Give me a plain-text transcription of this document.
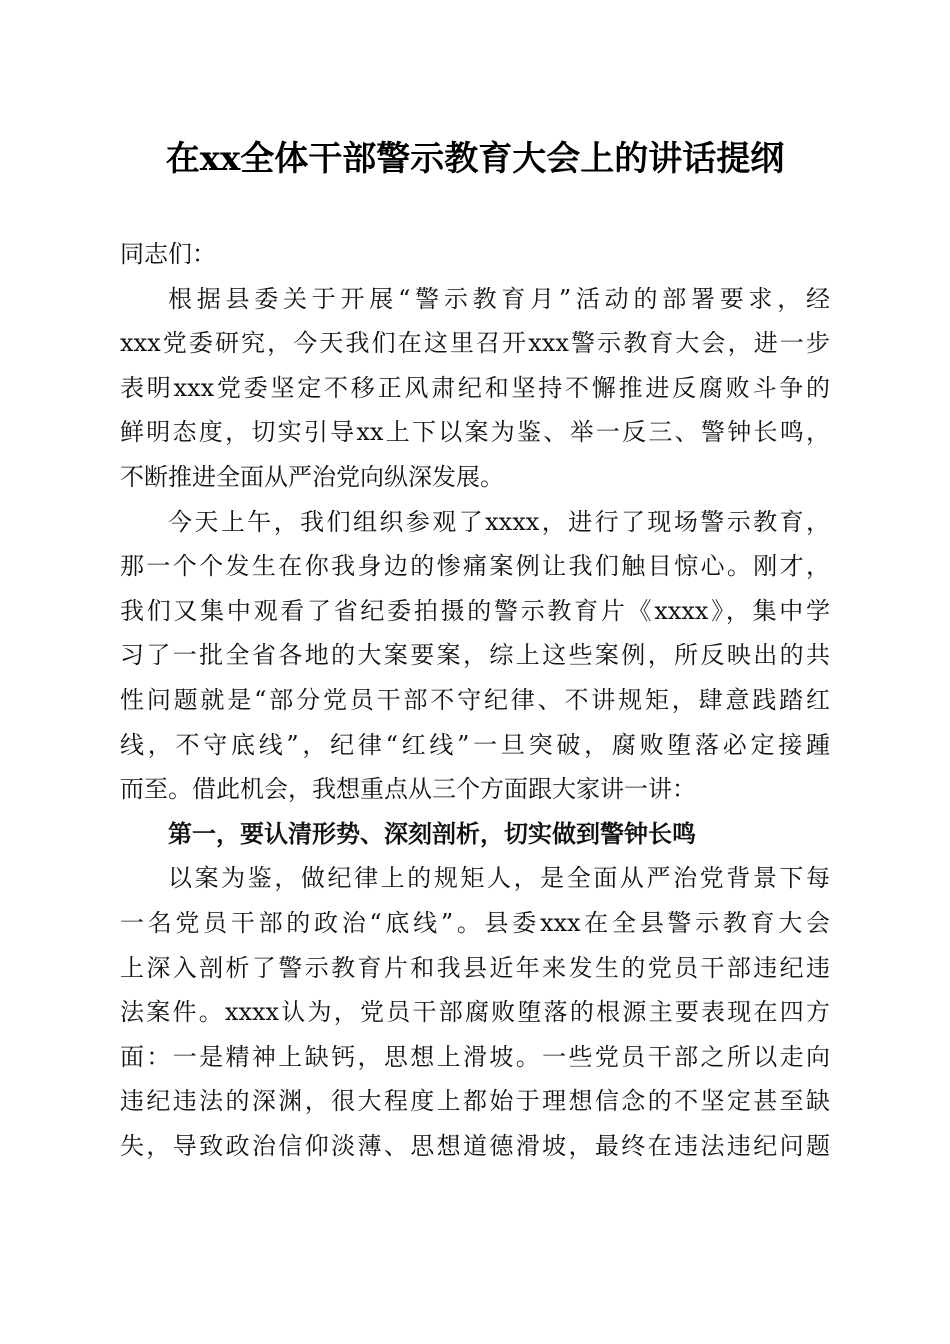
在xx全体干部警示教育大会上的讲话提纲
同志们：
根据县委关于开展“警示教育月”活动的部署要求，经
xxx党委研究，今天我们在这里召开xxx警示教育大会，进一步
表明xxx党委坚定不移正风肃纪和坚持不懈推进反腐败斗争的
鲜明态度，切实引导xx上下以案为鉴、举一反三、警钟长鸣，
不断推进全面从严治党向纵深发展。
今天上午，我们组织参观了xxxx，进行了现场警示教育，
那一个个发生在你我身边的惨痛案例让我们触目惊心。刚才，
我们又集中观看了省纪委拍摄的警示教育片《xxxx》，集中学
习了一批全省各地的大案要案，综上这些案例，所反映出的共
性问题就是“部分党员干部不守纪律、不讲规矩，肆意践踏红
线，不守底线”，纪律“红线”一旦突破，腐败堕落必定接踵
而至。借此机会，我想重点从三个方面跟大家讲一讲：
第一，要认清形势、深刻剖析，切实做到警钟长鸣
以案为鉴，做纪律上的规矩人，是全面从严治党背景下每
一名党员干部的政治“底线”。县委xxx在全县警示教育大会
上深入剖析了警示教育片和我县近年来发生的党员干部违纪违
法案件。xxxx认为，党员干部腐败堕落的根源主要表现在四方
面：一是精神上缺钙，思想上滑坡。一些党员干部之所以走向
违纪违法的深渊，很大程度上都始于理想信念的不坚定甚至缺
失，导致政治信仰淡薄、思想道德滑坡，最终在违法违纪问题
